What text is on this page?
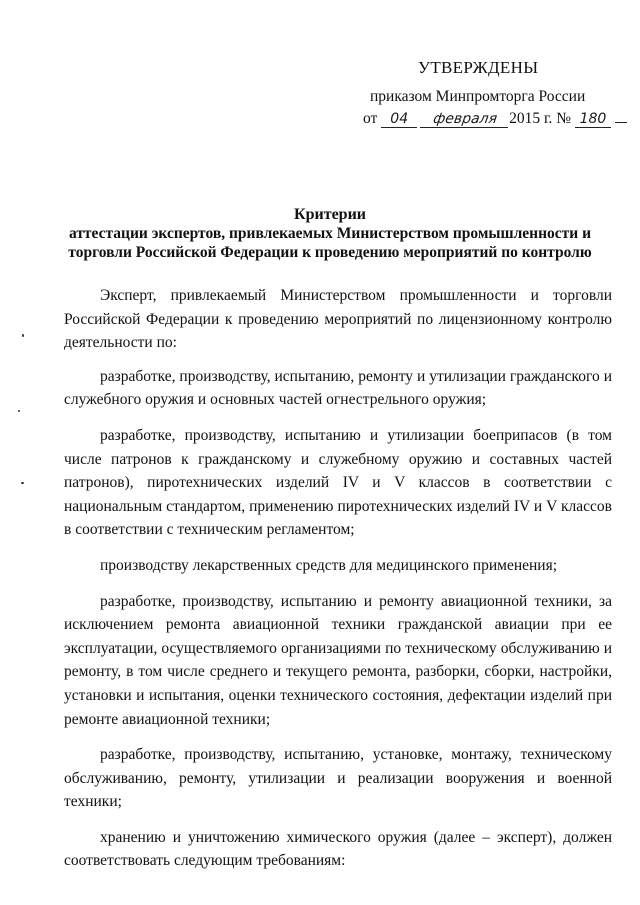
УТВЕРЖДЕНЫ
приказом Минпромторга России
от 04 февраля 2015 г. № 180
Критерии
аттестации экспертов, привлекаемых Министерством промышленности и
торговли Российской Федерации к проведению мероприятий по контролю

Эксперт, привлекаемый Министерством промышленности и торговли Российской Федерации к проведению мероприятий по лицензионному контролю деятельности по:

разработке, производству, испытанию, ремонту и утилизации гражданского и служебного оружия и основных частей огнестрельного оружия;

разработке, производству, испытанию и утилизации боеприпасов (в том числе патронов к гражданскому и служебному оружию и составных частей патронов), пиротехнических изделий IV и V классов в соответствии с национальным стандартом, применению пиротехнических изделий IV и V классов в соответствии с техническим регламентом;

производству лекарственных средств для медицинского применения;

разработке, производству, испытанию и ремонту авиационной техники, за исключением ремонта авиационной техники гражданской авиации при ее эксплуатации, осуществляемого организациями по техническому обслуживанию и ремонту, в том числе среднего и текущего ремонта, разборки, сборки, настройки, установки и испытания, оценки технического состояния, дефектации изделий при ремонте авиационной техники;

разработке, производству, испытанию, установке, монтажу, техническому обслуживанию, ремонту, утилизации и реализации вооружения и военной техники;

хранению и уничтожению химического оружия (далее – эксперт), должен соответствовать следующим требованиям:
